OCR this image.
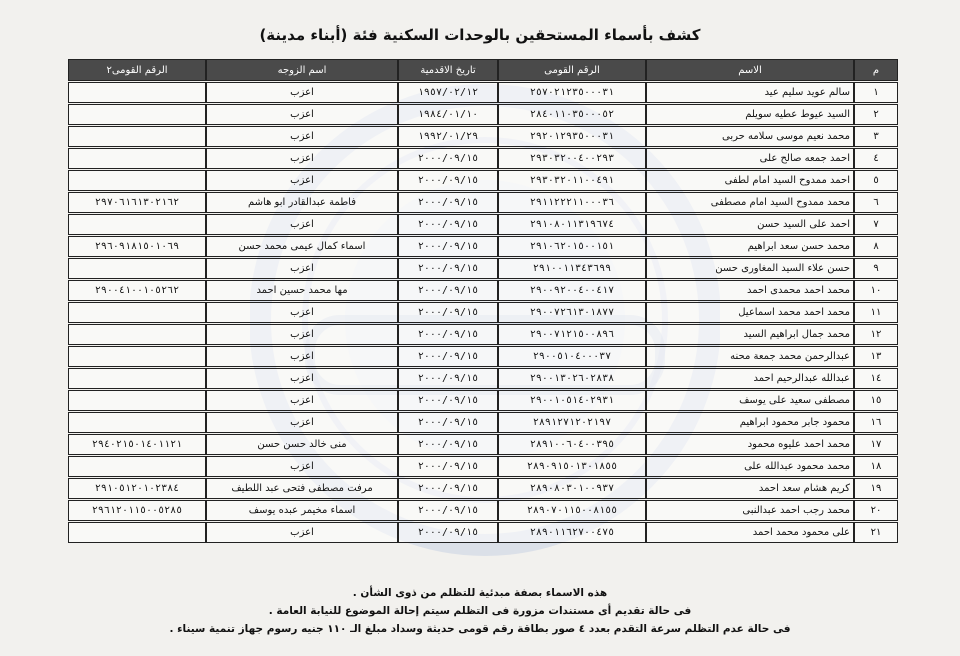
كشف بأسماء المستحقين بالوحدات السكنية فئة (أبناء مدينة)
م	الاسم	الرقم القومى	تاريخ الاقدمية	اسم الزوجه	الرقم القومى٢
١	سالم عويد سليم عيد	٢٥٧٠٢١٢٣٥٠٠٠٣١	١٩٥٧/٠٢/١٢	اعزب	
٢	السيد عيوط عطيه سويلم	٢٨٤٠١١٠٣٥٠٠٠٥٢	١٩٨٤/٠١/١٠	اعزب	
٣	محمد نعيم موسى سلامه حربى	٢٩٢٠١٢٩٣٥٠٠٠٣١	١٩٩٢/٠١/٢٩	اعزب	
٤	احمد جمعه صالح على	٢٩٣٠٣٢٠٠٤٠٠٢٩٣	٢٠٠٠/٠٩/١٥	اعزب	
٥	احمد ممدوح السيد امام لطفى	٢٩٣٠٣٢٠١١٠٠٤٩١	٢٠٠٠/٠٩/١٥	اعزب	
٦	محمد ممدوح السيد امام مصطفى	٢٩١١٢٢٢١١٠٠٠٣٦	٢٠٠٠/٠٩/١٥	فاطمة عبدالقادر ابو هاشم	٢٩٧٠٦١٦١٣٠٢١٦٢
٧	احمد على السيد حسن	٢٩١٠٨٠١١٣١٩٦٧٤	٢٠٠٠/٠٩/١٥	اعزب	
٨	محمد حسن سعد ابراهيم	٢٩١٠٦٢٠١٥٠٠١٥١	٢٠٠٠/٠٩/١٥	اسماء كمال عيمى محمد حسن	٢٩٦٠٩١٨١٥٠١٠٦٩
٩	حسن علاء السيد المغاورى حسن	٢٩١٠٠١١٣٤٣٦٩٩	٢٠٠٠/٠٩/١٥	اعزب	
١٠	محمد احمد محمدى احمد	٢٩٠٠٩٢٠٠٤٠٠٤١٧	٢٠٠٠/٠٩/١٥	مها محمد حسين احمد	٢٩٠٠٤١٠٠١٠٥٢٦٢
١١	محمد احمد محمد اسماعيل	٢٩٠٠٧٢٦١٣٠١٨٧٧	٢٠٠٠/٠٩/١٥	اعزب	
١٢	محمد جمال ابراهيم السيد	٢٩٠٠٧١٢١٥٠٠٨٩٦	٢٠٠٠/٠٩/١٥	اعزب	
١٣	عبدالرحمن محمد جمعة محنه	٢٩٠٠٥١٠٤٠٠٠٣٧	٢٠٠٠/٠٩/١٥	اعزب	
١٤	عبدالله عبدالرحيم احمد	٢٩٠٠١٣٠٢٦٠٢٨٣٨	٢٠٠٠/٠٩/١٥	اعزب	
١٥	مصطفى سعيد على يوسف	٢٩٠٠١٠٥١٤٠٢٩٣١	٢٠٠٠/٠٩/١٥	اعزب	
١٦	محمود جابر محمود ابراهيم	٢٨٩١٢٧١٢٠٢١٩٧	٢٠٠٠/٠٩/١٥	اعزب	
١٧	محمد احمد عليوه محمود	٢٨٩١٠٠٦٠٤٠٠٣٩٥	٢٠٠٠/٠٩/١٥	منى خالد حسن حسن	٢٩٤٠٢١٥٠١٤٠١١٢١
١٨	محمد محمود عبدالله على	٢٨٩٠٩١٥٠١٣٠١٨٥٥	٢٠٠٠/٠٩/١٥	اعزب	
١٩	كريم هشام سعد احمد	٢٨٩٠٨٠٣٠١٠٠٩٣٧	٢٠٠٠/٠٩/١٥	مرفت مصطفى فتحى عبد اللطيف	٢٩١٠٥١٢٠١٠٢٣٨٤
٢٠	محمد رجب احمد عبدالنبى	٢٨٩٠٧٠١١٥٠٠٨١٥٥	٢٠٠٠/٠٩/١٥	اسماء مخيمر عبده يوسف	٢٩٦١٢٠١١٥٠٠٥٢٨٥
٢١	على محمود محمد احمد	٢٨٩٠١١٦٢٧٠٠٤٧٥	٢٠٠٠/٠٩/١٥	اعزب	
هذه الاسماء بصفة مبدئية للتظلم من ذوى الشأن .
فى حالة تقديم أى مستندات مزورة فى التظلم سيتم إحالة الموضوع للنيابة العامة .
فى حالة عدم التظلم سرعة التقدم بعدد ٤ صور بطاقة رقم قومى حديثة وسداد مبلغ الـ ١١٠ جنيه رسوم جهاز تنمية سيناء .
